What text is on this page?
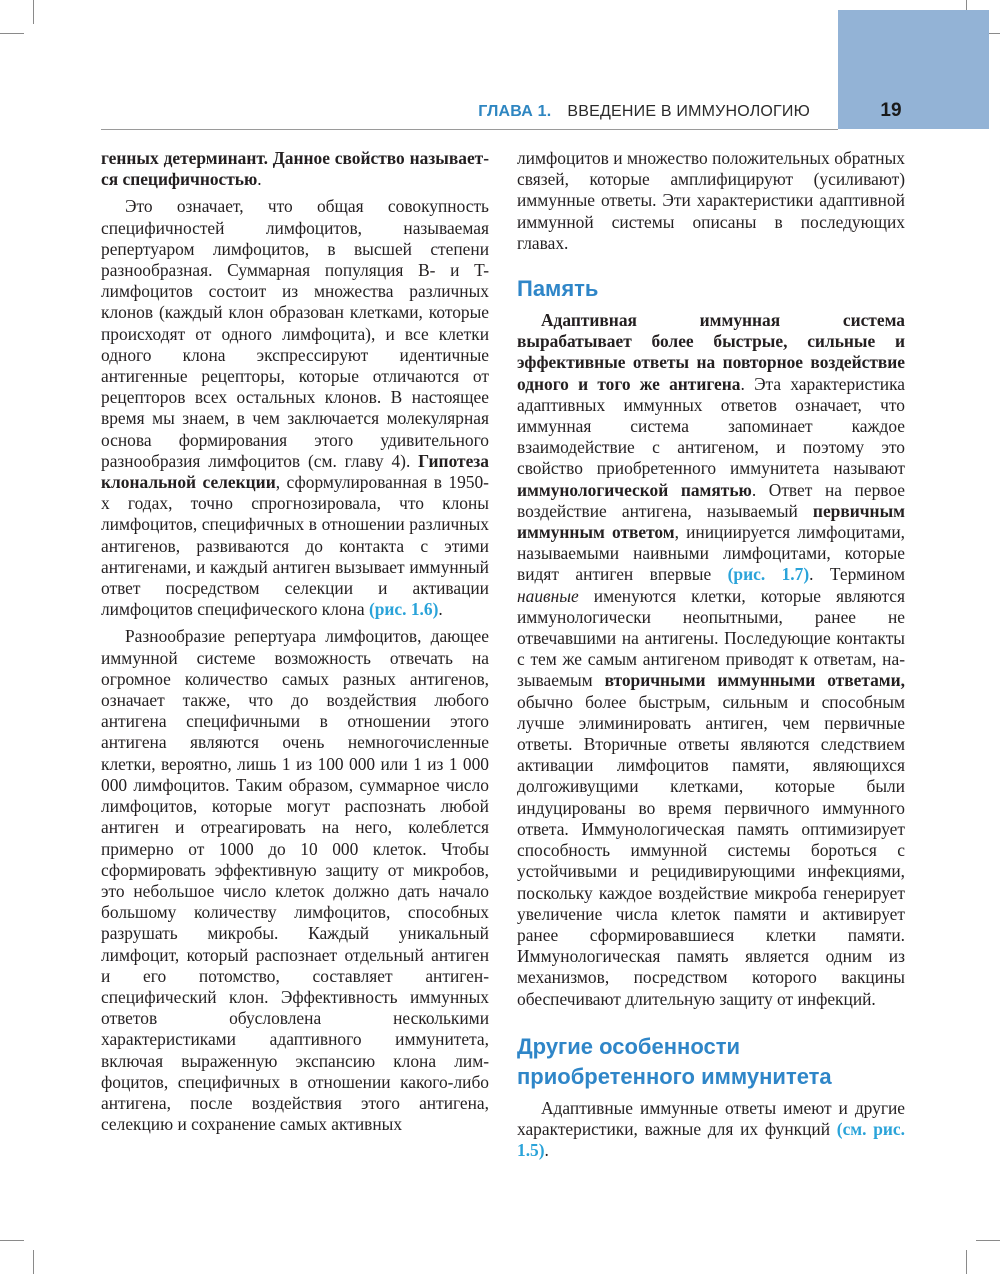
19
ГЛАВА 1. ВВЕДЕНИЕ В ИММУНОЛОГИЮ

генных детерминант. Данное свойство называется специфичностью.

Это означает, что общая совокупность специфичностей лимфоцитов, называемая репертуаром лимфоцитов, в высшей степени разнообразная. Суммарная популяция B- и T-лимфоцитов состоит из множества различных клонов (каждый клон образован клетками, которые происходят от одного лимфоцита), и все клетки одного клона экспрессируют идентичные антигенные рецепторы, которые отличаются от рецепторов всех остальных клонов. В настоящее время мы знаем, в чем заключается молекулярная основа формирования этого удивительного разнообразия лимфоцитов (см. главу 4). Гипотеза клональной селекции, сформулированная в 1950-х годах, точно спрогнозировала, что клоны лимфоцитов, специфичных в отношении различных антигенов, развиваются до контакта с этими антигенами, и каждый антиген вызывает иммунный ответ посредством селекции и активации лимфоцитов специфического клона (рис. 1.6).

Разнообразие репертуара лимфоцитов, дающее иммунной системе возможность отвечать на огромное количество самых разных антигенов, означает также, что до воздействия любого антигена специфичными в отношении этого антигена являются очень немногочисленные клетки, вероятно, лишь 1 из 100 000 или 1 из 1 000 000 лимфоцитов. Таким образом, суммарное число лимфоцитов, которые могут распознать любой антиген и отреагировать на него, колеблется примерно от 1000 до 10 000 клеток. Чтобы сформировать эффективную защиту от микробов, это небольшое число клеток должно дать начало большому количеству лимфоцитов, способных разрушать микробы. Каждый уникальный лимфоцит, который распознает отдельный антиген и его потомство, составляет антиген-специфический клон. Эффективность иммунных ответов обусловлена несколькими характеристиками адаптивного иммунитета, включая выраженную экспансию клона лимфоцитов, специфичных в отношении какого-либо антигена, после воздействия этого антигена, селекцию и сохранение самых активных

лимфоцитов и множество положительных обратных связей, которые амплифицируют (усиливают) иммунные ответы. Эти характеристики адаптивной иммунной системы описаны в последующих главах.

Память

Адаптивная иммунная система вырабатывает более быстрые, сильные и эффективные ответы на повторное воздействие одного и того же антигена. Эта характеристика адаптивных иммунных ответов означает, что иммунная система запоминает каждое взаимодействие с антигеном, и поэтому это свойство приобретенного иммунитета называют иммунологической памятью. Ответ на первое воздействие антигена, называемый первичным иммунным ответом, инициируется лимфоцитами, называемыми наивными лимфоцитами, которые видят антиген впервые (рис. 1.7). Термином наивные именуются клетки, которые являются иммунологически неопытными, ранее не отвечавшими на антигены. Последующие контакты с тем же самым антигеном приводят к ответам, называемым вторичными иммунными ответами, обычно более быстрым, сильным и способным лучше элиминировать антиген, чем первичные ответы. Вторичные ответы являются следствием активации лимфоцитов памяти, являющихся долгоживущими клетками, которые были индуцированы во время первичного иммунного ответа. Иммунологическая память оптимизирует способность иммунной системы бороться с устойчивыми и рецидивирующими инфекциями, поскольку каждое воздействие микроба генерирует увеличение числа клеток памяти и активирует ранее сформировавшиеся клетки памяти. Иммунологическая память является одним из механизмов, посредством которого вакцины обеспечивают длительную защиту от инфекций.

Другие особенности
приобретенного иммунитета

Адаптивные иммунные ответы имеют и другие характеристики, важные для их функций (см. рис. 1.5).
